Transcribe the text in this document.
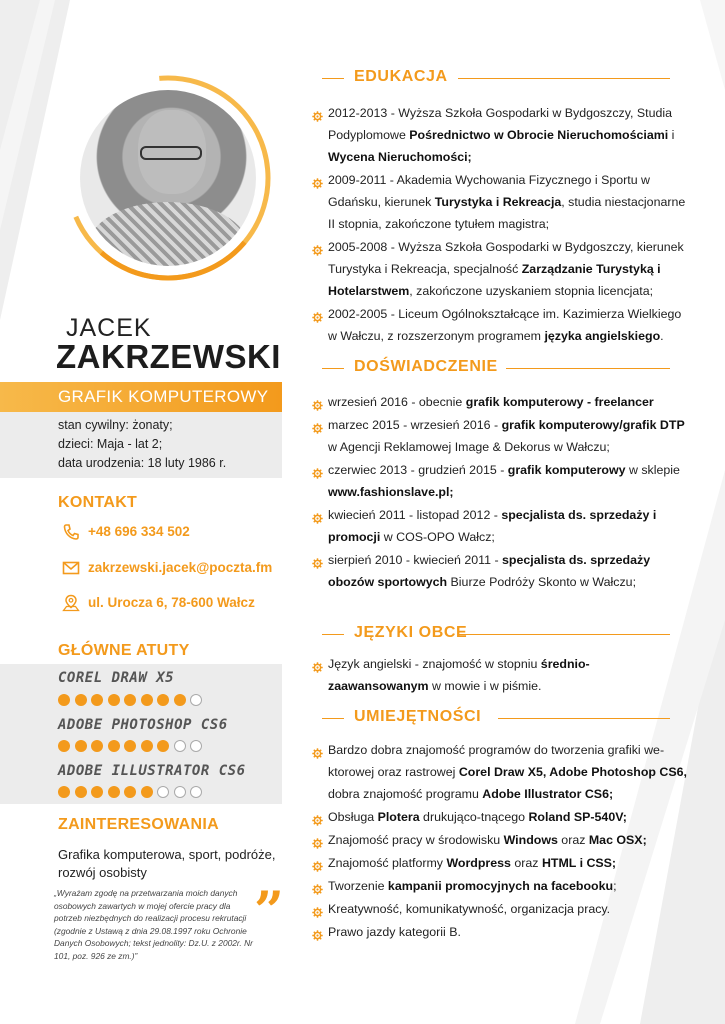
JACEK
ZAKRZEWSKI
GRAFIK KOMPUTEROWY
stan cywilny: żonaty;
dzieci: Maja - lat 2;
data urodzenia: 18 luty 1986 r.
KONTAKT
+48 696 334 502
zakrzewski.jacek@poczta.fm
ul. Urocza 6, 78-600 Wałcz
GŁÓWNE ATUTY
COREL DRAW X5
ADOBE PHOTOSHOP CS6
ADOBE ILLUSTRATOR CS6
ZAINTERESOWANIA
Grafika komputerowa, sport, podróże, rozwój osobisty
„Wyrażam zgodę na przetwarzania moich danych osobowych zawartych w mojej ofercie pracy dla potrzeb niezbędnych do realizacji procesu rekrutacji (zgodnie z Ustawą z dnia 29.08.1997 roku Ochronie Danych Osobowych; tekst jednolity: Dz.U. z 2002r. Nr 101, poz. 926 ze zm.)”
”
EDUKACJA
DOŚWIADCZENIE
JĘZYKI OBCE
UMIEJĘTNOŚCI
2012-2013 - Wyższa Szkoła Gospodarki w Bydgoszczy, Studia Podyplomowe Pośrednictwo w Obrocie Nieruchomościami i Wycena Nieruchomości;
2009-2011 - Akademia Wychowania Fizycznego i Sportu w Gdańsku, kierunek Turystyka i Rekreacja, studia niestacjonarne II stopnia, zakończone tytułem magistra;
2005-2008 - Wyższa Szkoła Gospodarki w Bydgoszczy, kierunek Turystyka i Rekreacja, specjalność Zarządzanie Turystyką i Hotelarstwem, zakończone uzyskaniem stopnia licencjata;
2002-2005 - Liceum Ogólnokształcące im. Kazimierza Wielkiego w Wałczu, z rozszerzonym programem języka angielskiego.
wrzesień 2016 - obecnie grafik komputerowy - freelancer
marzec 2015 - wrzesień 2016 - grafik komputerowy/grafik DTP w Agencji Reklamowej Image & Dekorus w Wałczu;
czerwiec 2013 - grudzień 2015 - grafik komputerowy w sklepie www.fashionslave.pl;
kwiecień 2011 - listopad 2012 - specjalista ds. sprzedaży i promocji w COS-OPO Wałcz;
sierpień 2010 - kwiecień 2011 - specjalista ds. sprzedaży obozów sportowych Biurze Podróży Skonto w Wałczu;
Język angielski - znajomość w stopniu średnio-zaawansowanym w mowie i w piśmie.
Bardzo dobra znajomość programów do tworzenia grafiki we-ktorowej oraz rastrowej Corel Draw X5, Adobe Photoshop CS6, dobra znajomość programu Adobe Illustrator CS6;
Obsługa Plotera drukująco-tnącego Roland SP-540V;
Znajomość pracy w środowisku Windows oraz Mac OSX;
Znajomość platformy Wordpress oraz HTML i CSS;
Tworzenie kampanii promocyjnych na facebooku;
Kreatywność, komunikatywność, organizacja pracy.
Prawo jazdy kategorii B.
